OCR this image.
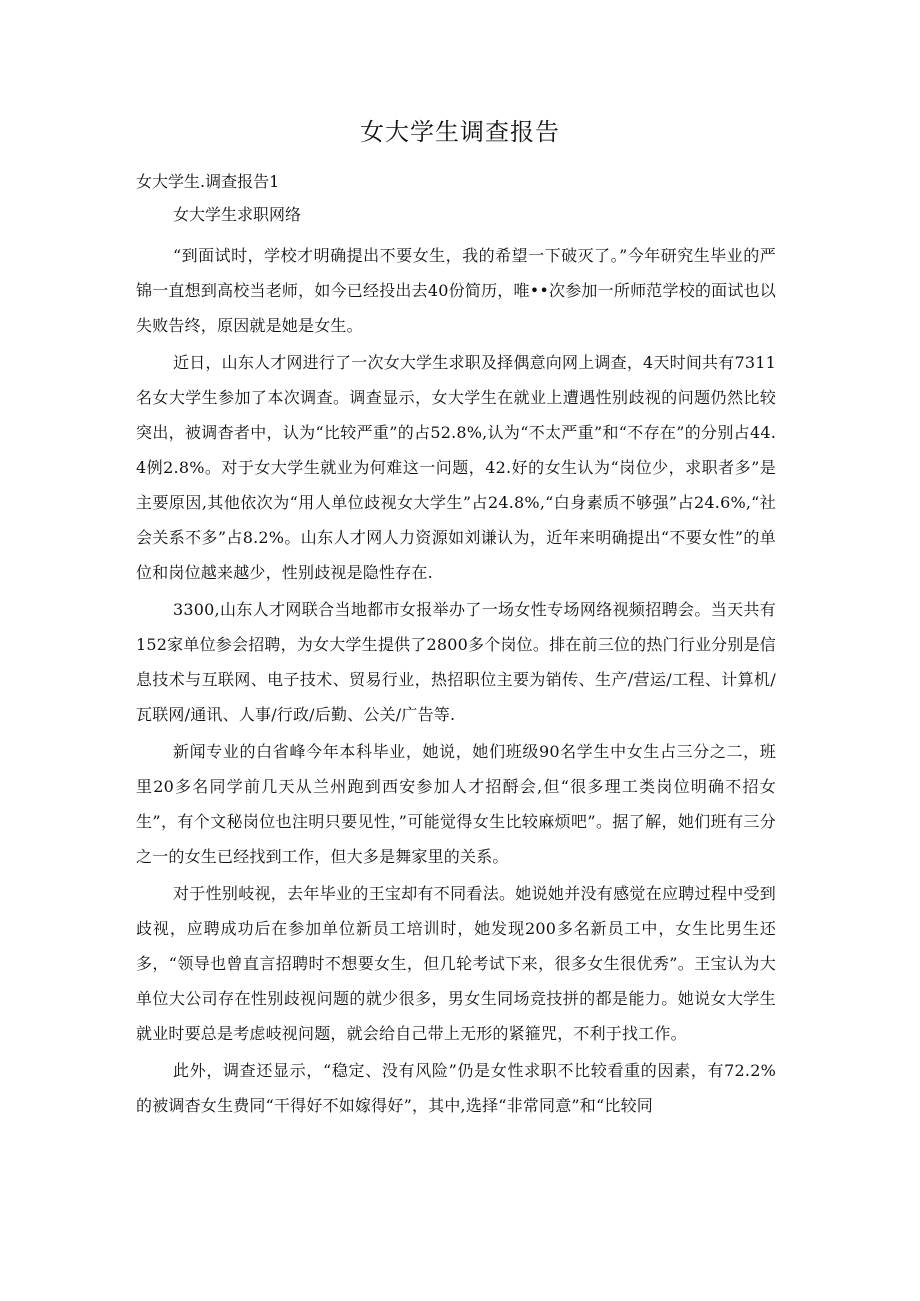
女大学生调查报告
女大学生.调查报告1
女大学生求职网络

“到面试时，学校才明确提出不要女生，我的希望一下破灭了。”今年研究生毕业的严锦一直想到高校当老师，如今已经投出去40份简历，唯••次参加一所师范学校的面试也以失败告终，原因就是她是女生。

近日，山东人才网进行了一次女大学生求职及择偶意向网上调查，4天时间共有7311名女大学生参加了本次调查。调查显示，女大学生在就业上遭遇性别歧视的问题仍然比较突出，被调杳者中，认为“比较严重”的占52.8%,认为“不太严重”和“不存在”的分别占44.4例2.8%。对于女大学生就业为何难这一问题，42.好的女生认为“岗位少，求职者多”是主要原因,其他依次为“用人单位歧视女大学生”占24.8%,“白身素质不够强”占24.6%,“社会关系不多”占8.2%。山东人才网人力资源如刘谦认为，近年来明确提出“不要女性”的单位和岗位越来越少，性别歧视是隐性存在.

3300,山东人才网联合当地都市女报举办了一场女性专场网络视频招聘会。当天共有152家单位参会招聘，为女大学生提供了2800多个岗位。排在前三位的热门行业分别是信息技术与互联网、电子技术、贸易行业，热招职位主要为销传、生产/营运/工程、计算机/瓦联网/通讯、人事/行政/后勤、公关/广告等.

新闻专业的白省峰今年本科毕业，她说，她们班级90名学生中女生占三分之二，班里20多名同学前几天从兰州跑到西安参加人才招酹会,但“很多理工类岗位明确不招女生”，有个文秘岗位也注明只要见性，”可能觉得女生比较麻烦吧”。据了解，她们班有三分之一的女生已经找到工作，但大多是舞家里的关系。

对于性别岐视，去年毕业的王宝却有不同看法。她说她并没有感觉在应聘过程中受到歧视，应聘成功后在参加单位新员工培训时，她发现200多名新员工中，女生比男生还多，“领导也曾直言招聘时不想要女生，但几轮考试下来，很多女生很优秀”。王宝认为大单位大公司存在性别歧视问题的就少很多，男女生同场竞技拼的都是能力。她说女大学生就业时要总是考虑岐视问题，就会给自己带上无形的紧箍咒，不利于找工作。

此外，调查还显示，“稳定、没有风险”仍是女性求职不比较看重的因素，有72.2%的被调杳女生费同“干得好不如嫁得好”，其中,选择“非常同意”和“比较同
